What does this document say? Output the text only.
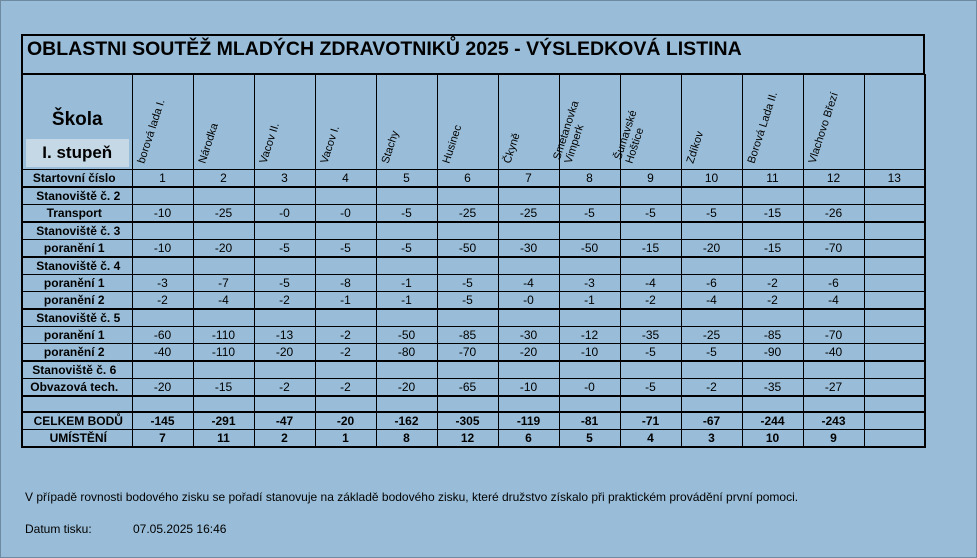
OBLASTNI SOUTĚŽ MLADÝCH ZDRAVOTNIKŮ 2025 - VÝSLEDKOVÁ LISTINA
Škola
I. stupeň	borová lada I.	Národka	Vacov II.	Vacov I.	Stachy	Husinec	Čkyně	Smetanovka Vimperk	Šumavské Hoštice	Zdíkov	Borová Lada II.	Vlachovo Březí	

Startovní číslo	1	2	3	4	5	6	7	8	9	10	11	12	13
Stanoviště č. 2													
Transport	-10	-25	-0	-0	-5	-25	-25	-5	-5	-5	-15	-26	
Stanoviště č. 3													
poranění 1	-10	-20	-5	-5	-5	-50	-30	-50	-15	-20	-15	-70	
Stanoviště č. 4													
poranění 1	-3	-7	-5	-8	-1	-5	-4	-3	-4	-6	-2	-6	
poranění 2	-2	-4	-2	-1	-1	-5	-0	-1	-2	-4	-2	-4	
Stanoviště č. 5													
poranění 1	-60	-110	-13	-2	-50	-85	-30	-12	-35	-25	-85	-70	
poranění 2	-40	-110	-20	-2	-80	-70	-20	-10	-5	-5	-90	-40	
Stanoviště č. 6													
Obvazová tech.	-20	-15	-2	-2	-20	-65	-10	-0	-5	-2	-35	-27	

CELKEM BODŮ	-145	-291	-47	-20	-162	-305	-119	-81	-71	-67	-244	-243	
UMÍSTĚNÍ	7	11	2	1	8	12	6	5	4	3	10	9	
V případě rovnosti bodového zisku se pořadí stanovuje na základě bodového zisku, které družstvo získalo při praktickém provádění první pomoci.
Datum tisku:	07.05.2025 16:46
